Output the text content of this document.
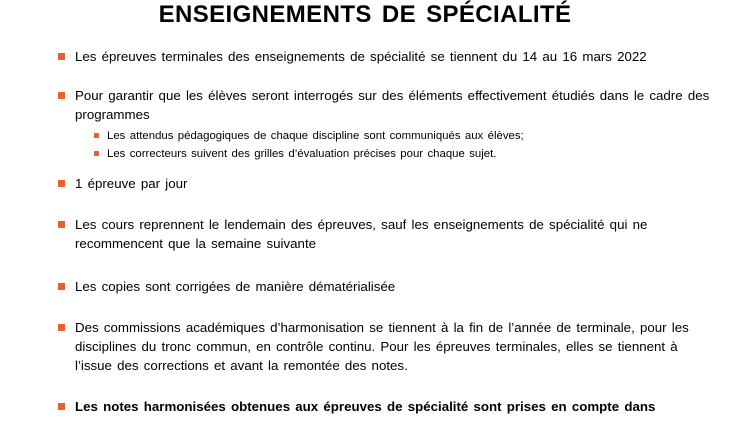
ENSEIGNEMENTS DE SPÉCIALITÉ
Les épreuves terminales des enseignements de spécialité se tiennent du 14 au 16 mars 2022
Pour garantir que les élèves seront interrogés sur des éléments effectivement étudiés dans le cadre des programmes
Les attendus pédagogiques de chaque discipline sont communiqués aux élèves;
Les correcteurs suivent des grilles d’évaluation précises pour chaque sujet.
1 épreuve par jour
Les cours reprennent le lendemain des épreuves, sauf les enseignements de spécialité qui ne recommencent que la semaine suivante
Les copies sont corrigées de manière dématérialisée
Des commissions académiques d’harmonisation se tiennent à la fin de l’année de terminale, pour les disciplines du tronc commun, en contrôle continu. Pour les épreuves terminales, elles se tiennent à l’issue des corrections et avant la remontée des notes.
Les notes harmonisées obtenues aux épreuves de spécialité sont prises en compte dans
